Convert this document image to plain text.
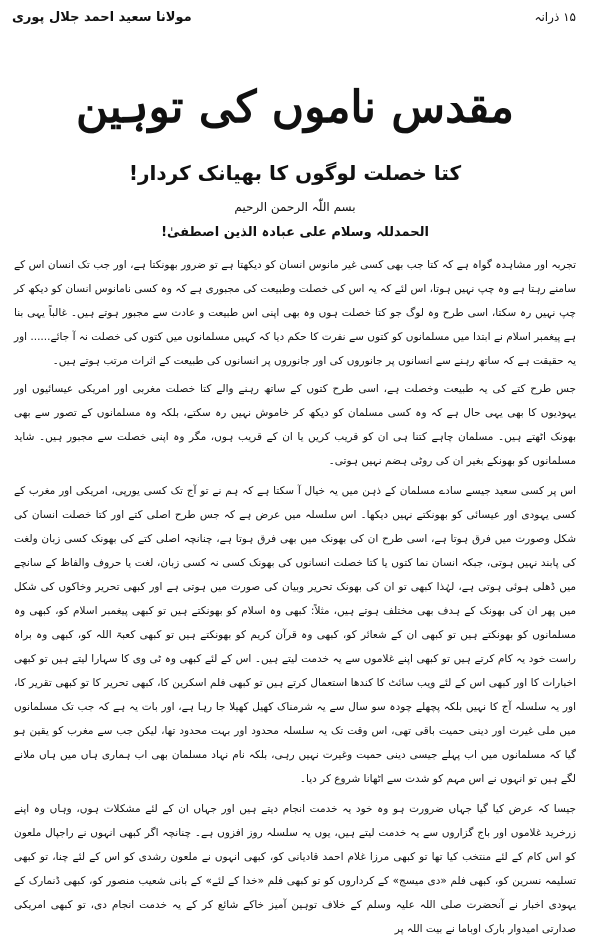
۱۵ ذرانہ
مولانا سعید احمد جلال پوری
مقدس ناموں کی توہین
کتا خصلت لوگوں کا بھیانک کردار!
بسم اللّٰہ الرحمن الرحیم
الحمدللہ وسلام علی عبادہ الذین اصطفیٰ!

تجربہ اور مشاہدہ گواہ ہے کہ کتا جب بھی کسی غیر مانوس انسان کو دیکھتا ہے تو ضرور بھونکتا ہے، اور جب تک انسان اس کے سامنے رہتا ہے وہ چپ نہیں ہوتا، اس لئے کہ یہ اس کی خصلت وطبیعت کی مجبوری ہے کہ وہ کسی نامانوس انسان کو دیکھ کر چپ نہیں رہ سکتا، اسی طرح وہ لوگ جو کتا خصلت ہوں وہ بھی اپنی اس طبیعت و عادت سے مجبور ہوتے ہیں۔ غالباً یہی بنا ہے پیغمبر اسلام نے ابتدا میں مسلمانوں کو کتوں سے نفرت کا حکم دیا کہ کہیں مسلمانوں میں کتوں کی خصلت نہ آ جائے...... اور یہ حقیقت ہے کہ ساتھ رہنے سے انسانوں پر جانوروں کی اور جانوروں پر انسانوں کی طبیعت کے اثرات مرتب ہوتے ہیں۔

جس طرح کتے کی یہ طبیعت وخصلت ہے، اسی طرح کتوں کے ساتھ رہنے والے کتا خصلت مغربی اور امریکی عیسائیوں اور یہودیوں کا بھی یہی حال ہے کہ وہ کسی مسلمان کو دیکھ کر خاموش نہیں رہ سکتے، بلکہ وہ مسلمانوں کے تصور سے بھی بھونک اٹھتے ہیں۔ مسلمان چاہے کتنا ہی ان کو قریب کریں یا ان کے قریب ہوں، مگر وہ اپنی خصلت سے مجبور ہیں۔ شاید مسلمانوں کو بھونکے بغیر ان کی روٹی ہضم نہیں ہوتی۔

اس پر کسی سعید جیسے سادے مسلمان کے ذہن میں یہ خیال آ سکتا ہے کہ ہم نے تو آج تک کسی یورپی، امریکی اور مغرب کے کسی یہودی اور عیسائی کو بھونکتے نہیں دیکھا۔ اس سلسلہ میں عرض ہے کہ جس طرح اصلی کتے اور کتا خصلت انسان کی شکل وصورت میں فرق ہوتا ہے، اسی طرح ان کی بھونک میں بھی فرق ہوتا ہے، چنانچہ اصلی کتے کی بھونک کسی زبان ولغت کی پابند نہیں ہوتی، جبکہ انسان نما کتوں یا کتا خصلت انسانوں کی بھونک کسی نہ کسی زبان، لغت یا حروف والفاظ کے سانچے میں ڈھلی ہوئی ہوتی ہے، لہٰذا کبھی تو ان کی بھونک تحریر وبیان کی صورت میں ہوتی ہے اور کبھی تحریر وخاکوں کی شکل میں پھر ان کی بھونک کے ہدف بھی مختلف ہوتے ہیں، مثلاً: کبھی وہ اسلام کو بھونکتے ہیں تو کبھی پیغمبر اسلام کو، کبھی وہ مسلمانوں کو بھونکتے ہیں تو کبھی ان کے شعائر کو، کبھی وہ قرآن کریم کو بھونکتے ہیں تو کبھی کعبۃ اللہ کو، کبھی وہ براہ راست خود یہ کام کرتے ہیں تو کبھی اپنے غلاموں سے یہ خدمت لیتے ہیں۔ اس کے لئے کبھی وہ ٹی وی کا سہارا لیتے ہیں تو کبھی اخبارات کا اور کبھی اس کے لئے ویب سائٹ کا کندھا استعمال کرتے ہیں تو کبھی فلم اسکرین کا، کبھی تحریر کا تو کبھی تقریر کا، اور یہ سلسلہ آج کا نہیں بلکہ پچھلے چودہ سو سال سے یہ شرمناک کھیل کھیلا جا رہا ہے، اور بات یہ ہے کہ جب تک مسلمانوں میں ملی غیرت اور دینی حمیت باقی تھی، اس وقت تک یہ سلسلہ محدود اور بہت محدود تھا، لیکن جب سے مغرب کو یقین ہو گیا کہ مسلمانوں میں اب پہلے جیسی دینی حمیت وغیرت نہیں رہی، بلکہ نام نہاد مسلمان بھی اب ہماری ہاں میں ہاں ملانے لگے ہیں تو انہوں نے اس مہم کو شدت سے اٹھانا شروع کر دیا۔

جیسا کہ عرض کیا گیا جہاں ضرورت ہو وہ خود یہ خدمت انجام دیتے ہیں اور جہاں ان کے لئے مشکلات ہوں، وہاں وہ اپنے زرخرید غلاموں اور باج گزاروں سے یہ خدمت لیتے ہیں، یوں یہ سلسلہ روز افزوں ہے۔ چنانچہ اگر کبھی انہوں نے راجپال ملعون کو اس کام کے لئے منتخب کیا تھا تو کبھی مرزا غلام احمد قادیانی کو، کبھی انہوں نے ملعون رشدی کو اس کے لئے چنا، تو کبھی تسلیمہ نسرین کو، کبھی فلم «دی میسج» کے کرداروں کو تو کبھی فلم «خدا کے لئے» کے بانی شعیب منصور کو، کبھی ڈنمارک کے یہودی اخبار نے آنحضرت صلی اللہ علیہ وسلم کے خلاف توہین آمیز خاکے شائع کر کے یہ خدمت انجام دی، تو کبھی امریکی صدارتی امیدوار بارک اوباما نے بیت اللہ پر
